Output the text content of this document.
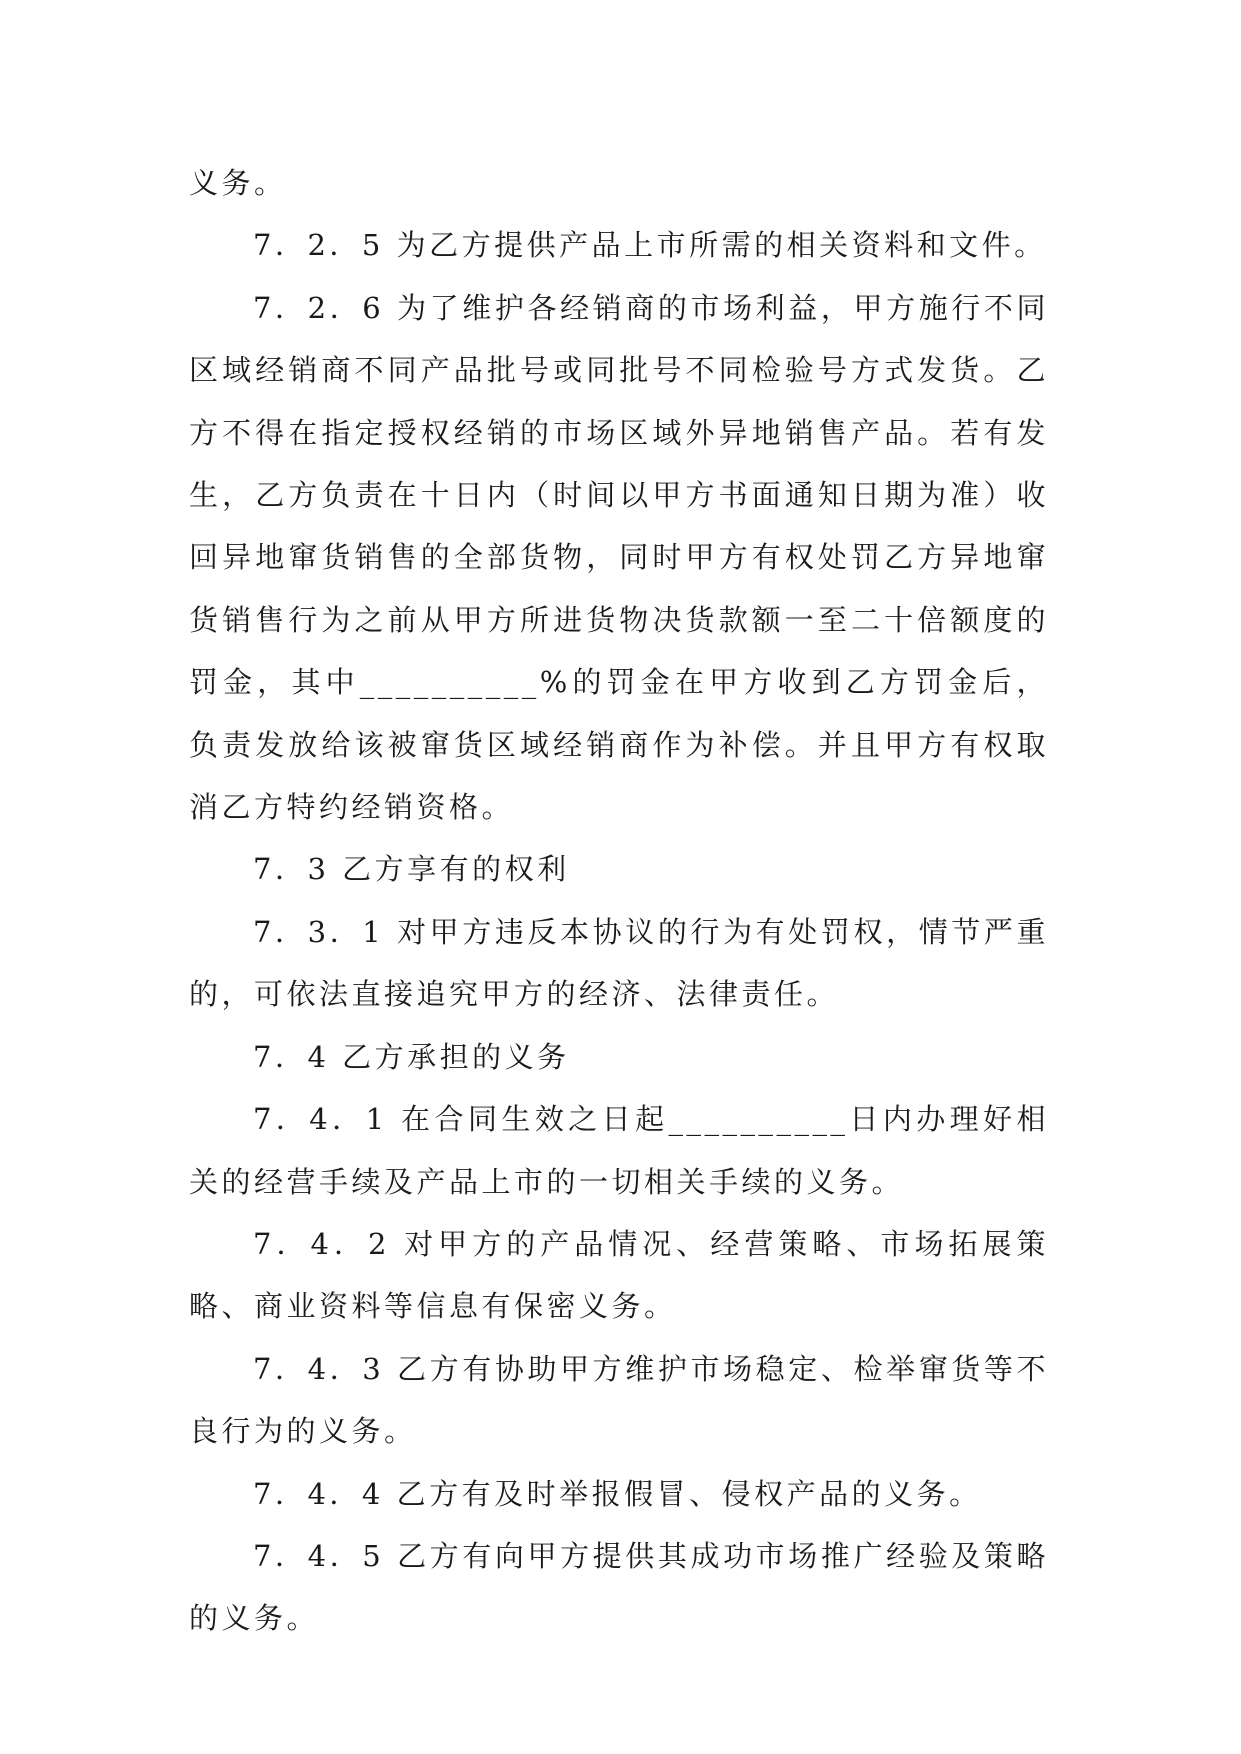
义务。

7．2．5 为乙方提供产品上市所需的相关资料和文件。

7．2．6 为了维护各经销商的市场利益，甲方施行不同区域经销商不同产品批号或同批号不同检验号方式发货。乙方不得在指定授权经销的市场区域外异地销售产品。若有发生，乙方负责在十日内（时间以甲方书面通知日期为准）收回异地窜货销售的全部货物，同时甲方有权处罚乙方异地窜货销售行为之前从甲方所进货物决货款额一至二十倍额度的罚金，其中__________%的罚金在甲方收到乙方罚金后，负责发放给该被窜货区域经销商作为补偿。并且甲方有权取消乙方特约经销资格。

7．3 乙方享有的权利

7．3．1 对甲方违反本协议的行为有处罚权，情节严重的，可依法直接追究甲方的经济、法律责任。

7．4 乙方承担的义务

7．4．1 在合同生效之日起__________日内办理好相关的经营手续及产品上市的一切相关手续的义务。

7．4．2 对甲方的产品情况、经营策略、市场拓展策略、商业资料等信息有保密义务。

7．4．3 乙方有协助甲方维护市场稳定、检举窜货等不良行为的义务。

7．4．4 乙方有及时举报假冒、侵权产品的义务。

7．4．5 乙方有向甲方提供其成功市场推广经验及策略的义务。
